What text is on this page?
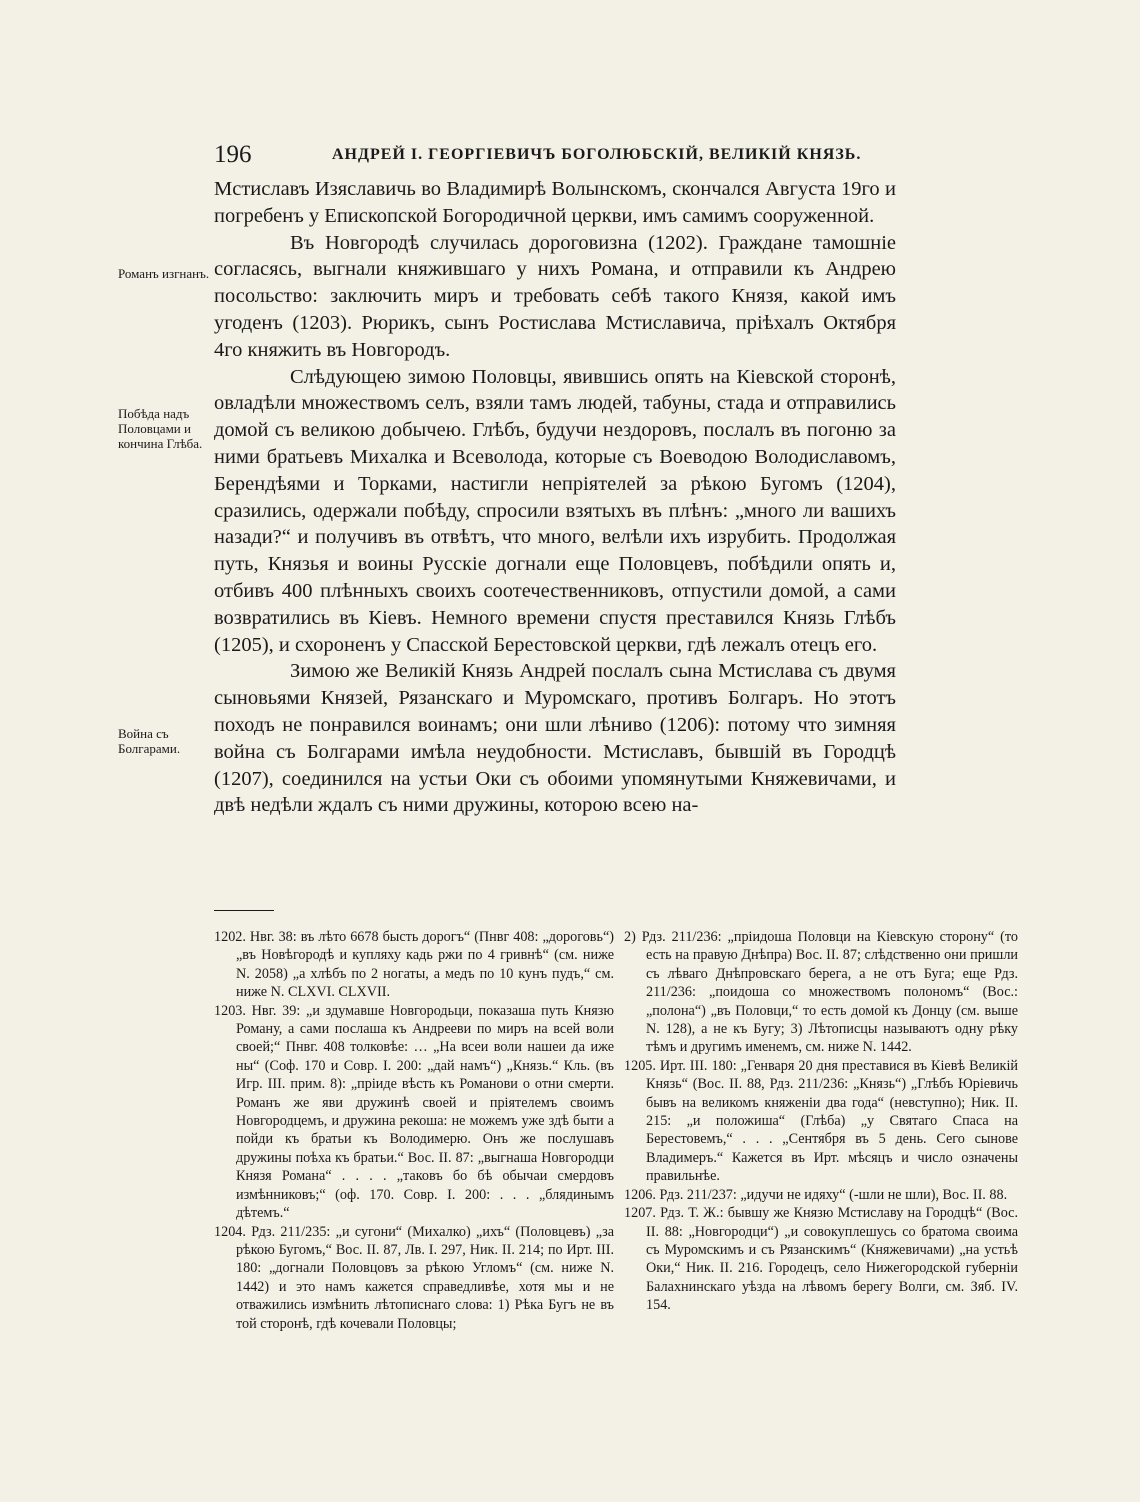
196	АНДРЕЙ I. ГЕОРГІЕВИЧЪ БОГОЛЮБСКІЙ, ВЕЛИКІЙ КНЯЗЬ.
Романъ изгнанъ.
Побѣда надъ Половцами и кончина Глѣба.
Война съ Болгарами.

Мстиславъ Изяславичь во Владимирѣ Волынскомъ, скончался Августа 19го и погребенъ у Епископской Богородичной церкви, имъ самимъ сооруженной.

Въ Новгородѣ случилась дороговизна (1202). Граждане тамошніе согласясь, выгнали княжившаго у нихъ Романа, и отправили къ Андрею посольство: заключить миръ и требовать себѣ такого Князя, какой имъ угоденъ (1203). Рюрикъ, сынъ Ростислава Мстиславича, пріѣхалъ Октября 4го княжить въ Новгородъ.

Слѣдующею зимою Половцы, явившись опять на Кіевской сторонѣ, овладѣли множествомъ селъ, взяли тамъ людей, табуны, стада и отправились домой съ великою добычею. Глѣбъ, будучи нездоровъ, послалъ въ погоню за ними братьевъ Михалка и Всеволода, которые съ Воеводою Володиславомъ, Берендѣями и Торками, настигли непріятелей за рѣкою Бугомъ (1204), сразились, одержали побѣду, спросили взятыхъ въ плѣнъ: „много ли вашихъ назади?“ и получивъ въ отвѣтъ, что много, велѣли ихъ изрубить. Продолжая путь, Князья и воины Русскіе догнали еще Половцевъ, побѣдили опять и, отбивъ 400 плѣнныхъ своихъ соотечественниковъ, отпустили домой, а сами возвратились въ Кіевъ. Немного времени спустя преставился Князь Глѣбъ (1205), и схороненъ у Спасской Берестовской церкви, гдѣ лежалъ отецъ его.

Зимою же Великій Князь Андрей послалъ сына Мстислава съ двумя сыновьями Князей, Рязанскаго и Муромскаго, противъ Болгаръ. Но этотъ походъ не понравился воинамъ; они шли лѣниво (1206): потому что зимняя война съ Болгарами имѣла неудобности. Мстиславъ, бывшій въ Городцѣ (1207), соединился на устьи Оки съ обоими упомянутыми Княжевичами, и двѣ недѣли ждалъ съ ними дружины, которою всею на-

1202. Нвг. 38: въ лѣто 6678 бысть дорогъ“ (Пнвг 408: „дороговь“) „въ Новѣгородѣ и купляху кадь ржи по 4 гривнѣ“ (см. ниже N. 2058) „а хлѣбъ по 2 ногаты, а медъ по 10 кунъ пудъ,“ см. ниже N. CLXVI. CLXVII.

1203. Нвг. 39: „и здумавше Новгородьци, показаша путь Князю Роману, а сами послаша къ Андрееви по миръ на всей воли своей;“ Пнвг. 408 толковѣе: … „На всеи воли нашеи да иже ны“ (Соф. 170 и Совр. I. 200: „дай намъ“) „Князь.“ Кль. (въ Игр. III. прим. 8): „пріиде вѣсть къ Романови о отни смерти. Романъ же яви дружинѣ своей и пріятелемъ своимъ Новгородцемъ, и дружина рекоша: не можемъ уже здѣ быти а пойди къ братьи къ Володимерю. Онъ же послушавъ дружины поѣха къ братьи.“ Вос. II. 87: „выгнаша Новгородци Князя Романа“ . . . . „таковъ бо бѣ обычаи смердовъ измѣнниковъ;“ (оф. 170. Совр. I. 200: . . . „блядинымъ дѣтемъ.“

1204. Рдз. 211/235: „и сугони“ (Михалко) „ихъ“ (Половцевъ) „за рѣкою Бугомъ,“ Вос. II. 87, Лв. I. 297, Ник. II. 214; по Ирт. III. 180: „догнали Половцовъ за рѣкою Угломъ“ (см. ниже N. 1442) и это намъ кажется справедливѣе, хотя мы и не отважились измѣнить лѣтописнаго слова: 1) Рѣка Бугъ не въ той сторонѣ, гдѣ кочевали Половцы;

2) Рдз. 211/236: „пріидоша Половци на Кіевскую сторону“ (то есть на правую Днѣпра) Вос. II. 87; слѣдственно они пришли съ лѣваго Днѣпровскаго берега, а не отъ Буга; еще Рдз. 211/236: „поидоша со множествомъ полономъ“ (Вос.: „полона“) „въ Половци,“ то есть домой къ Донцу (см. выше N. 128), а не къ Бугу; 3) Лѣтописцы называютъ одну рѣку тѣмъ и другимъ именемъ, см. ниже N. 1442.

1205. Ирт. III. 180: „Генваря 20 дня преставися въ Кіевѣ Великій Князь“ (Вос. II. 88, Рдз. 211/236: „Князь“) „Глѣбъ Юріевичь бывъ на великомъ княженіи два года“ (невступно); Ник. II. 215: „и положиша“ (Глѣба) „у Святаго Спаса на Берестовемъ,“ . . . „Сентября въ 5 день. Сего сынове Владимеръ.“ Кажется въ Ирт. мѣсяцъ и число означены правильнѣе.

1206. Рдз. 211/237: „идучи не идяху“ (-шли не шли), Вос. II. 88.

1207. Рдз. Т. Ж.: бывшу же Князю Мстиславу на Городцѣ“ (Вос. II. 88: „Новгородци“) „и совокуплешусь со братома своима съ Муромскимъ и съ Рязанскимъ“ (Княжевичами) „на устьѣ Оки,“ Ник. II. 216. Городецъ, село Нижегородской губерніи Балахнинскаго уѣзда на лѣвомъ берегу Волги, см. Зяб. IV. 154.
